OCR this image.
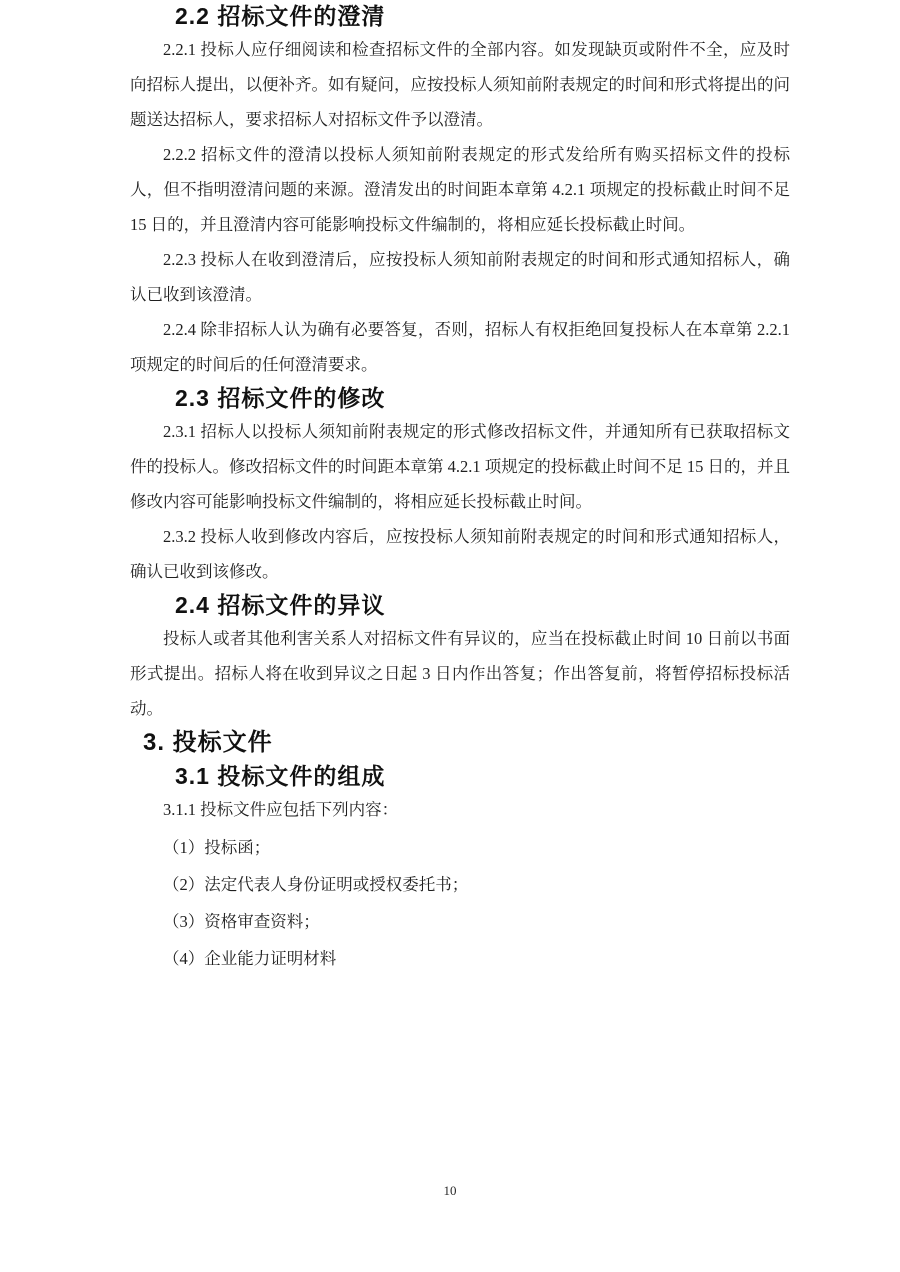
2.2 招标文件的澄清

2.2.1 投标人应仔细阅读和检查招标文件的全部内容。如发现缺页或附件不全，应及时向招标人提出，以便补齐。如有疑问，应按投标人须知前附表规定的时间和形式将提出的问题送达招标人，要求招标人对招标文件予以澄清。

2.2.2 招标文件的澄清以投标人须知前附表规定的形式发给所有购买招标文件的投标人，但不指明澄清问题的来源。澄清发出的时间距本章第 4.2.1 项规定的投标截止时间不足 15 日的，并且澄清内容可能影响投标文件编制的，将相应延长投标截止时间。

2.2.3 投标人在收到澄清后，应按投标人须知前附表规定的时间和形式通知招标人，确认已收到该澄清。

2.2.4 除非招标人认为确有必要答复，否则，招标人有权拒绝回复投标人在本章第 2.2.1 项规定的时间后的任何澄清要求。

2.3 招标文件的修改

2.3.1 招标人以投标人须知前附表规定的形式修改招标文件，并通知所有已获取招标文件的投标人。修改招标文件的时间距本章第 4.2.1 项规定的投标截止时间不足 15 日的，并且修改内容可能影响投标文件编制的，将相应延长投标截止时间。

2.3.2 投标人收到修改内容后，应按投标人须知前附表规定的时间和形式通知招标人，确认已收到该修改。

2.4 招标文件的异议

投标人或者其他利害关系人对招标文件有异议的，应当在投标截止时间 10 日前以书面形式提出。招标人将在收到异议之日起 3 日内作出答复；作出答复前，将暂停招标投标活动。

3. 投标文件
3.1 投标文件的组成

3.1.1 投标文件应包括下列内容：

（1）投标函；
（2）法定代表人身份证明或授权委托书；
（3）资格审查资料；
（4）企业能力证明材料
10
